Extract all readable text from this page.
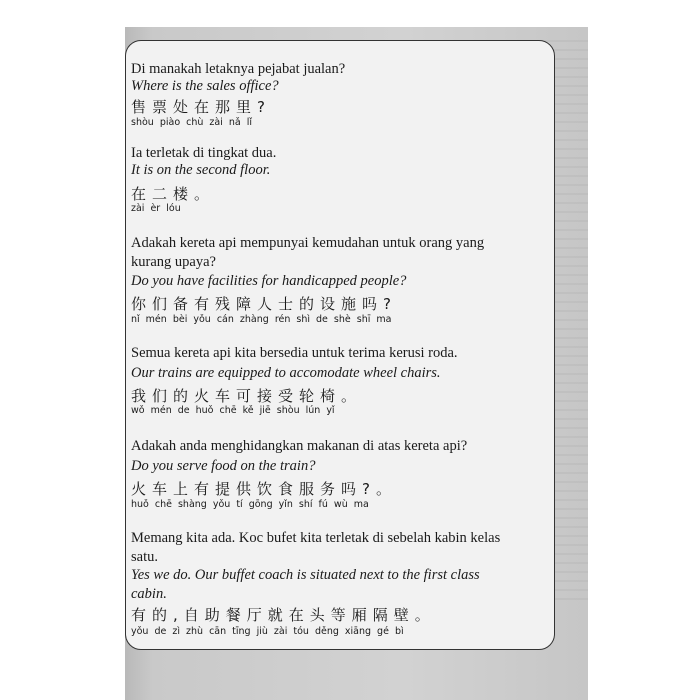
Di manakah letaknya pejabat jualan?
Where is the sales office?
售票处在那里?
shòu piào chù zài nǎ lǐ
Ia terletak di tingkat dua.
It is on the second floor.
在二楼。
zài èr lóu
Adakah kereta api mempunyai kemudahan untuk orang yang
kurang upaya?
Do you have facilities for handicapped people?
你们备有残障人士的设施吗?
nǐ mén bèi yǒu cán zhàng rén shì de shè shī ma
Semua kereta api kita bersedia untuk terima kerusi roda.
Our trains are equipped to accomodate wheel chairs.
我们的火车可接受轮椅。
wǒ mén de huǒ chē kě jiē shòu lún yǐ
Adakah anda menghidangkan makanan di atas kereta api?
Do you serve food on the train?
火车上有提供饮食服务吗?。
huǒ chē shàng yǒu tí gōng yǐn shí fú wù ma
Memang kita ada. Koc bufet kita terletak di sebelah kabin kelas
satu.
Yes we do. Our buffet coach is situated next to the first class
cabin.
有的,自助餐厅就在头等厢隔壁。
yǒu de zì zhù cān tīng jiù zài tóu děng xiāng gé bì
